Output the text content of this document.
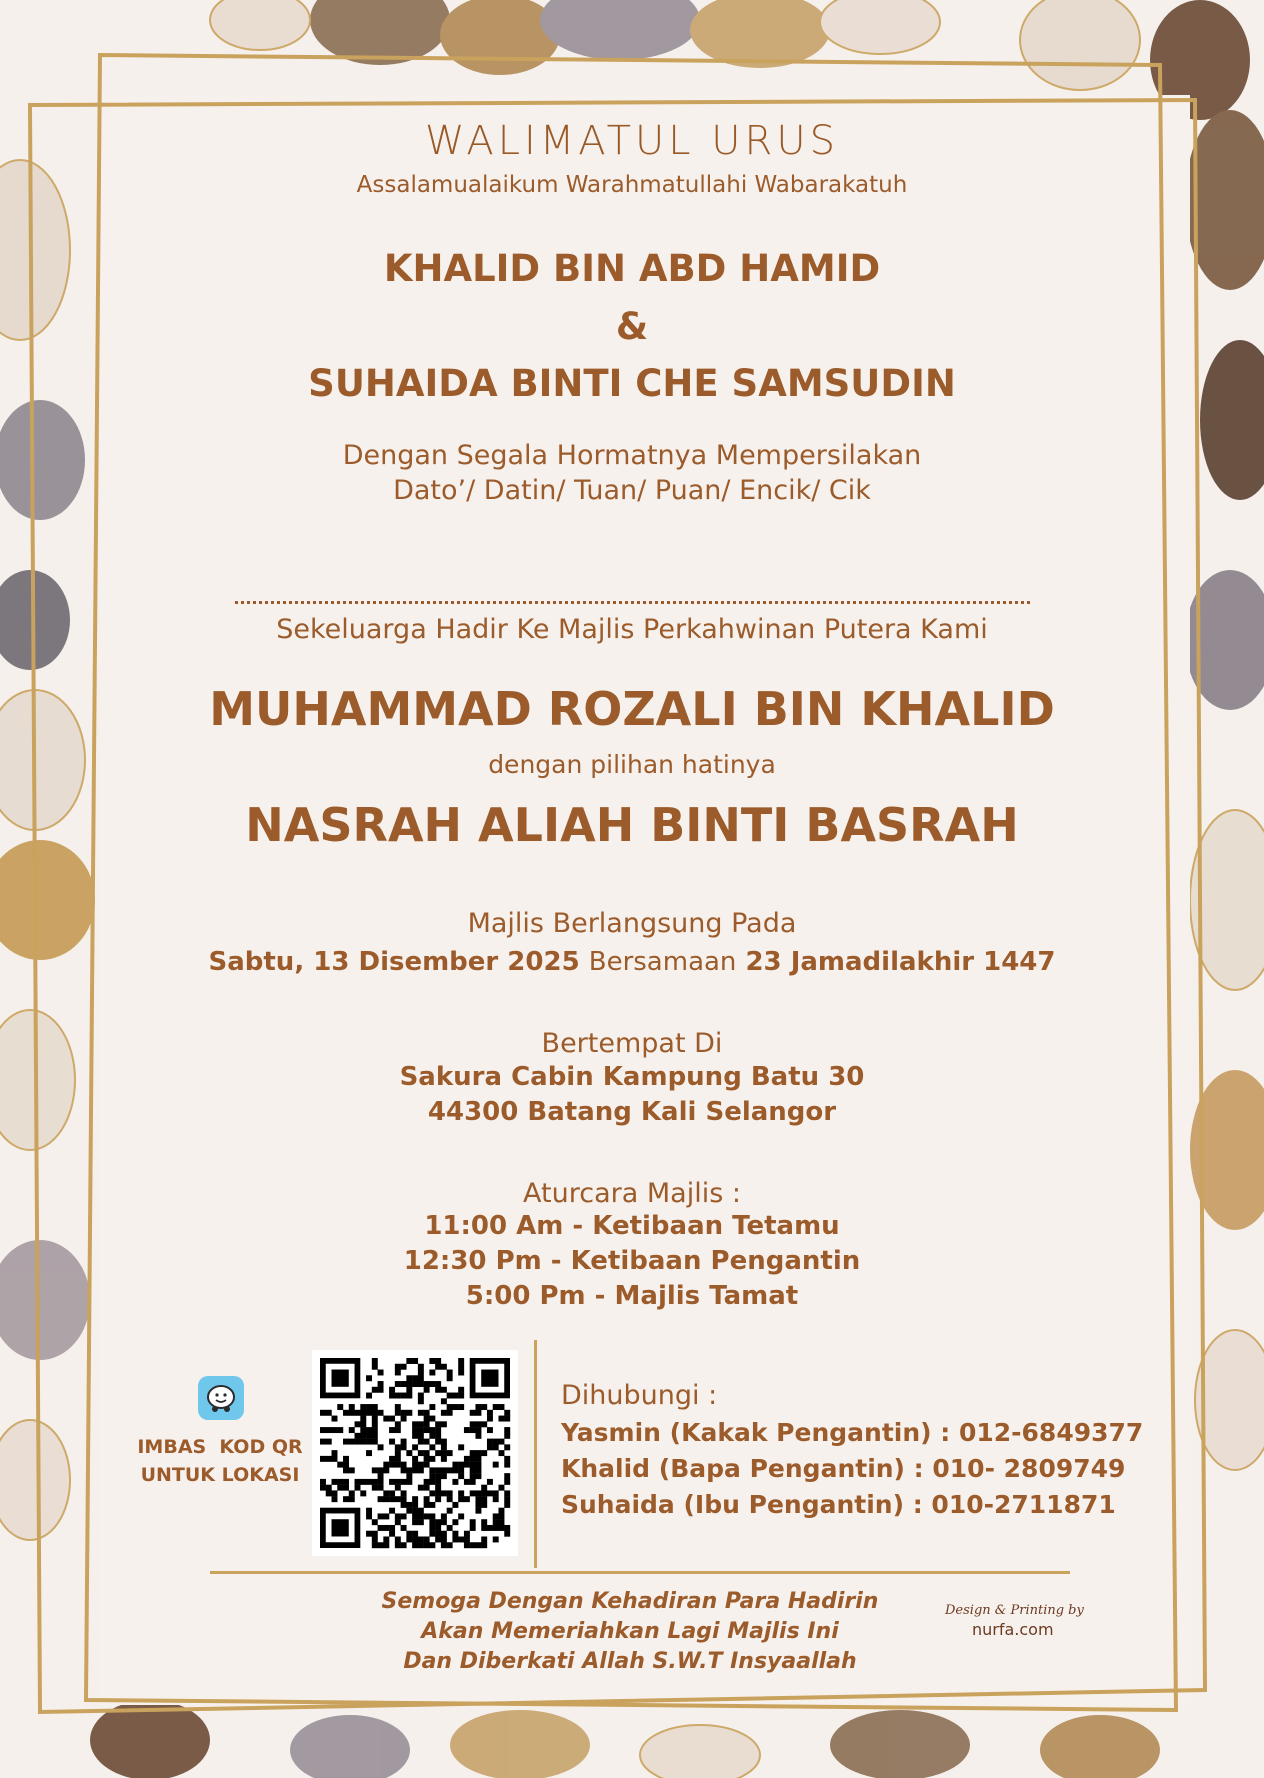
WALIMATUL URUS
Assalamualaikum Warahmatullahi Wabarakatuh
KHALID BIN ABD HAMID
&
SUHAIDA BINTI CHE SAMSUDIN
Dengan Segala Hormatnya Mempersilakan
Dato’/ Datin/ Tuan/ Puan/ Encik/ Cik
Sekeluarga Hadir Ke Majlis Perkahwinan Putera Kami
MUHAMMAD ROZALI BIN KHALID
dengan pilihan hatinya
NASRAH ALIAH BINTI BASRAH
Majlis Berlangsung Pada
Sabtu, 13 Disember 2025 Bersamaan 23 Jamadilakhir 1447
Bertempat Di
Sakura Cabin Kampung Batu 30
44300 Batang Kali Selangor
Aturcara Majlis :
11:00 Am - Ketibaan Tetamu
12:30 Pm - Ketibaan Pengantin
5:00 Pm - Majlis Tamat
IMBAS  KOD QR
UNTUK LOKASI
Dihubungi :
Yasmin (Kakak Pengantin) : 012-6849377
Khalid (Bapa Pengantin) : 010- 2809749
Suhaida (Ibu Pengantin) : 010-2711871
Semoga Dengan Kehadiran Para Hadirin
Akan Memeriahkan Lagi Majlis Ini
Dan Diberkati Allah S.W.T Insyaallah
Design & Printing by
nurfa.com
